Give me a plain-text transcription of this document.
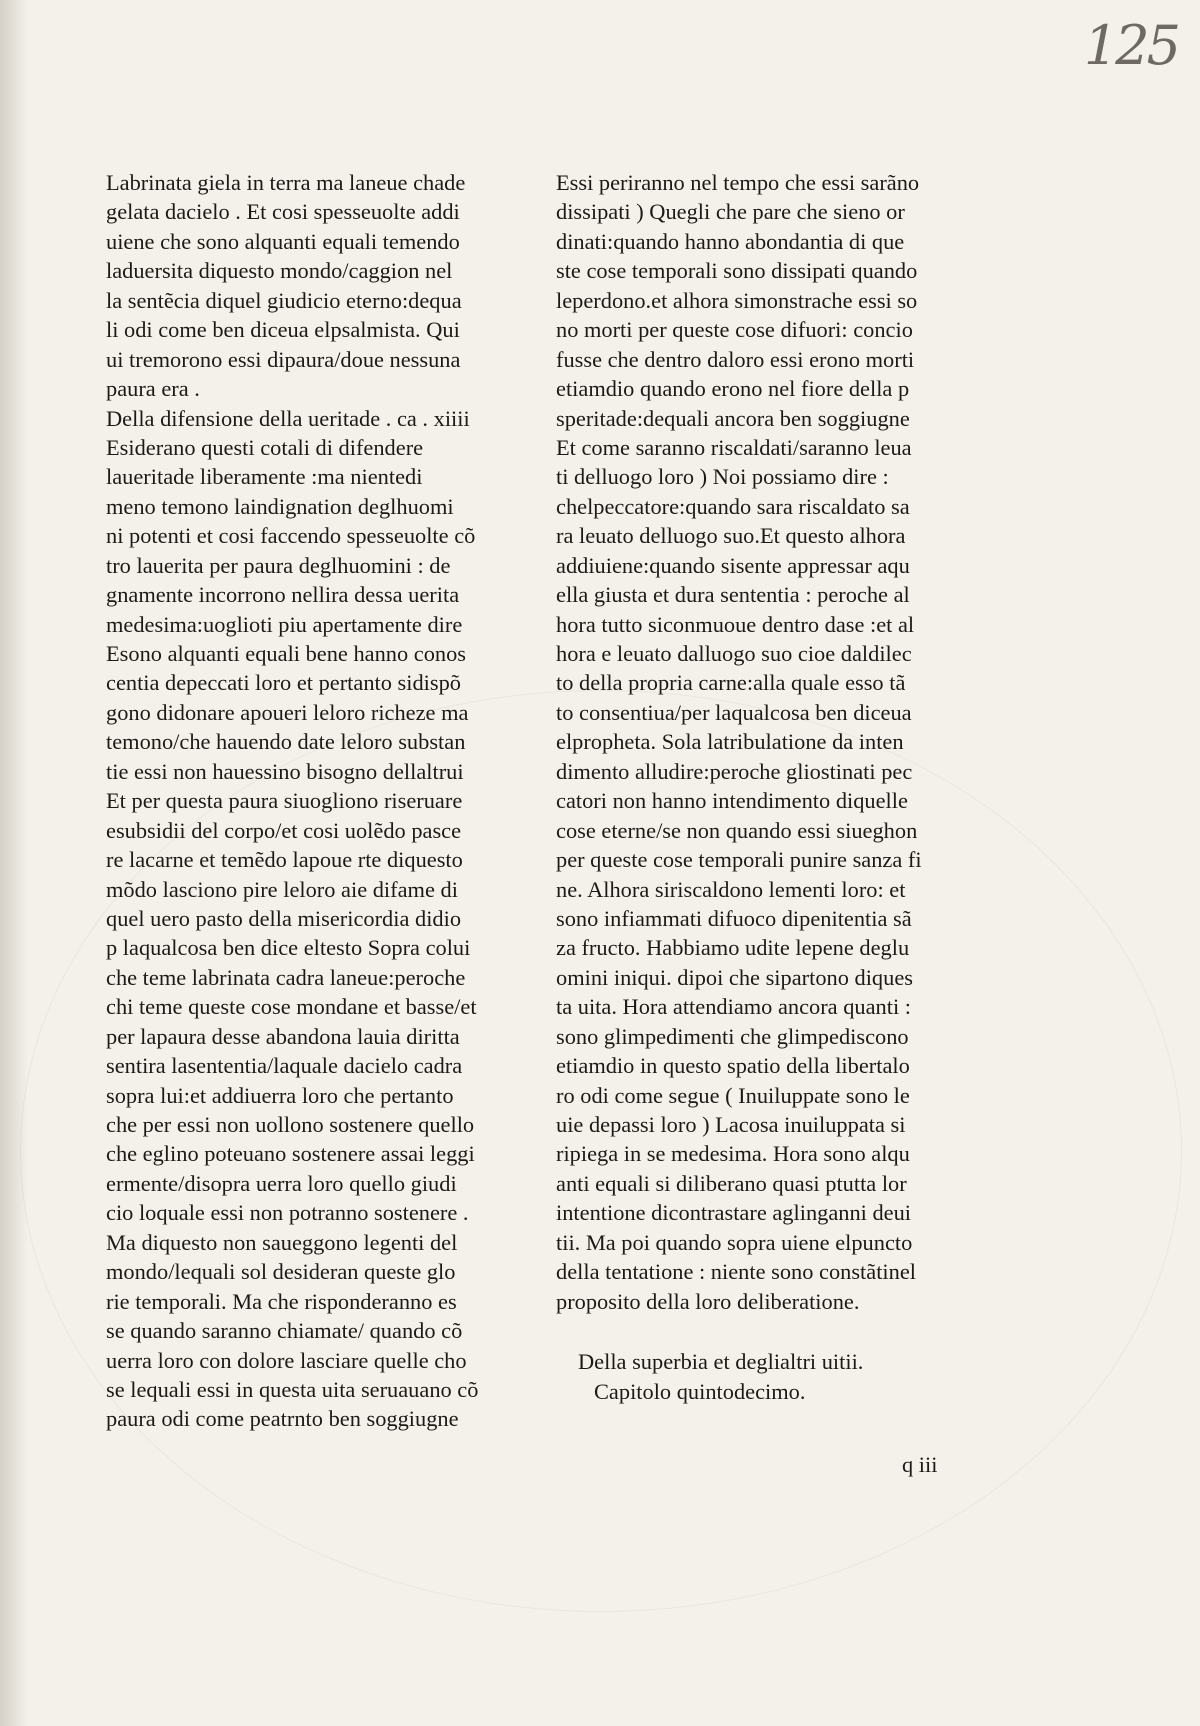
125
Labrinata giela in terra ma laneue chade
gelata dacielo . Et cosi spesseuolte addi
uiene che sono alquanti equali temendo
laduersita diquesto mondo/caggion nel
la sentẽcia diquel giudicio eterno:dequa
li odi come ben diceua elpsalmista. Qui
ui tremorono essi dipaura/doue nessuna
paura era .
Della difensione della ueritade . ca . xiiii
Esiderano questi cotali di difendere
laueritade liberamente :ma nientedi
meno temono laindignation deglhuomi
ni potenti et cosi faccendo spesseuolte cõ
tro lauerita per paura deglhuomini : de
gnamente incorrono nellira dessa uerita
medesima:uoglioti piu apertamente dire
Esono alquanti equali bene hanno conos
centia depeccati loro et pertanto sidispõ
gono didonare apoueri leloro richeze ma
temono/che hauendo date leloro substan
tie essi non hauessino bisogno dellaltrui
Et per questa paura siuogliono riseruare
esubsidii del corpo/et cosi uolẽdo pasce
re lacarne et temẽdo lapoue rte diquesto
mõdo lasciono pire leloro aie difame di
quel uero pasto della misericordia didio
p laqualcosa ben dice eltesto Sopra colui
che teme labrinata cadra laneue:peroche
chi teme queste cose mondane et basse/et
per lapaura desse abandona lauia diritta
sentira lasententia/laquale dacielo cadra
sopra lui:et addiuerra loro che pertanto
che per essi non uollono sostenere quello
che eglino poteuano sostenere assai leggi
ermente/disopra uerra loro quello giudi
cio loquale essi non potranno sostenere .
Ma diquesto non saueggono legenti del
mondo/lequali sol desideran queste glo
rie temporali. Ma che risponderanno es
se quando saranno chiamate/ quando cõ
uerra loro con dolore lasciare quelle cho
se lequali essi in questa uita seruauano cõ
paura odi come peatrnto ben soggiugne
Essi periranno nel tempo che essi sarãno
dissipati ) Quegli che pare che sieno or
dinati:quando hanno abondantia di que
ste cose temporali sono dissipati quando
leperdono.et alhora simonstrache essi so
no morti per queste cose difuori: concio
fusse che dentro daloro essi erono morti
etiamdio quando erono nel fiore della p
speritade:dequali ancora ben soggiugne
Et come saranno riscaldati/saranno leua
ti delluogo loro ) Noi possiamo dire :
chelpeccatore:quando sara riscaldato sa
ra leuato delluogo suo.Et questo alhora
addiuiene:quando sisente appressar aqu
ella giusta et dura sententia : peroche al
hora tutto siconmuoue dentro dase :et al
hora e leuato dalluogo suo cioe daldilec
to della propria carne:alla quale esso tã
to consentiua/per laqualcosa ben diceua
elpropheta. Sola latribulatione da inten
dimento alludire:peroche gliostinati pec
catori non hanno intendimento diquelle
cose eterne/se non quando essi siueghon
per queste cose temporali punire sanza fi
ne. Alhora siriscaldono lementi loro: et
sono infiammati difuoco dipenitentia sã
za fructo. Habbiamo udite lepene deglu
omini iniqui. dipoi che sipartono diques
ta uita. Hora attendiamo ancora quanti :
sono glimpedimenti che glimpediscono
etiamdio in questo spatio della libertalo
ro odi come segue ( Inuiluppate sono le
uie depassi loro ) Lacosa inuiluppata si
ripiega in se medesima. Hora sono alqu
anti equali si diliberano quasi ptutta lor
intentione dicontrastare aglinganni deui
tii. Ma poi quando sopra uiene elpuncto
della tentatione : niente sono constãtinel
proposito della loro deliberatione.
Della superbia et deglialtri uitii.
Capitolo quintodecimo.
q iii
